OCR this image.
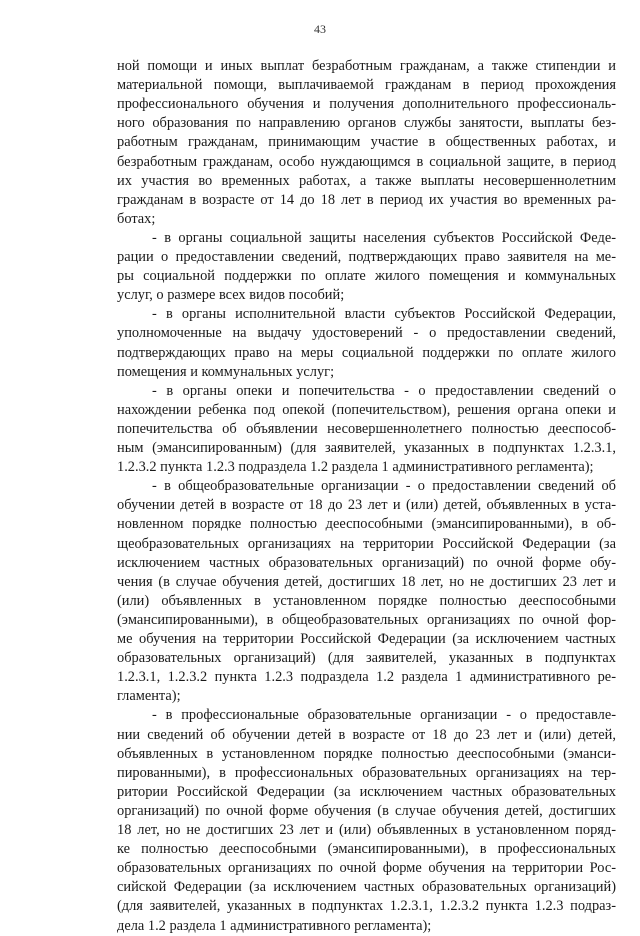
43
ной помощи и иных выплат безработным гражданам, а также стипендии и
материальной помощи, выплачиваемой гражданам в период прохождения
профессионального обучения и получения дополнительного профессиональ-
ного образования по направлению органов службы занятости, выплаты без-
работным гражданам, принимающим участие в общественных работах, и
безработным гражданам, особо нуждающимся в социальной защите, в период
их участия во временных работах, а также выплаты несовершеннолетним
гражданам в возрасте от 14 до 18 лет в период их участия во временных ра-
ботах;
- в органы социальной защиты населения субъектов Российской Феде-
рации о предоставлении сведений, подтверждающих право заявителя на ме-
ры социальной поддержки по оплате жилого помещения и коммунальных
услуг, о размере всех видов пособий;
- в органы исполнительной власти субъектов Российской Федерации,
уполномоченные на выдачу удостоверений - о предоставлении сведений,
подтверждающих право на меры социальной поддержки по оплате жилого
помещения и коммунальных услуг;
- в органы опеки и попечительства - о предоставлении сведений о
нахождении ребенка под опекой (попечительством), решения органа опеки и
попечительства об объявлении несовершеннолетнего полностью дееспособ-
ным (эмансипированным) (для заявителей, указанных в подпунктах 1.2.3.1,
1.2.3.2 пункта 1.2.3 подраздела 1.2 раздела 1 административного регламента);
- в общеобразовательные организации - о предоставлении сведений об
обучении детей в возрасте от 18 до 23 лет и (или) детей, объявленных в уста-
новленном порядке полностью дееспособными (эмансипированными), в об-
щеобразовательных организациях на территории Российской Федерации (за
исключением частных образовательных организаций) по очной форме обу-
чения (в случае обучения детей, достигших 18 лет, но не достигших 23 лет и
(или) объявленных в установленном порядке полностью дееспособными
(эмансипированными), в общеобразовательных организациях по очной фор-
ме обучения на территории Российской Федерации (за исключением частных
образовательных организаций) (для заявителей, указанных в подпунктах
1.2.3.1, 1.2.3.2 пункта 1.2.3 подраздела 1.2 раздела 1 административного ре-
гламента);
- в профессиональные образовательные организации - о предоставле-
нии сведений об обучении детей в возрасте от 18 до 23 лет и (или) детей,
объявленных в установленном порядке полностью дееспособными (эманси-
пированными), в профессиональных образовательных организациях на тер-
ритории Российской Федерации (за исключением частных образовательных
организаций) по очной форме обучения (в случае обучения детей, достигших
18 лет, но не достигших 23 лет и (или) объявленных в установленном поряд-
ке полностью дееспособными (эмансипированными), в профессиональных
образовательных организациях по очной форме обучения на территории Рос-
сийской Федерации (за исключением частных образовательных организаций)
(для заявителей, указанных в подпунктах 1.2.3.1, 1.2.3.2 пункта 1.2.3 подраз-
дела 1.2 раздела 1 административного регламента);
